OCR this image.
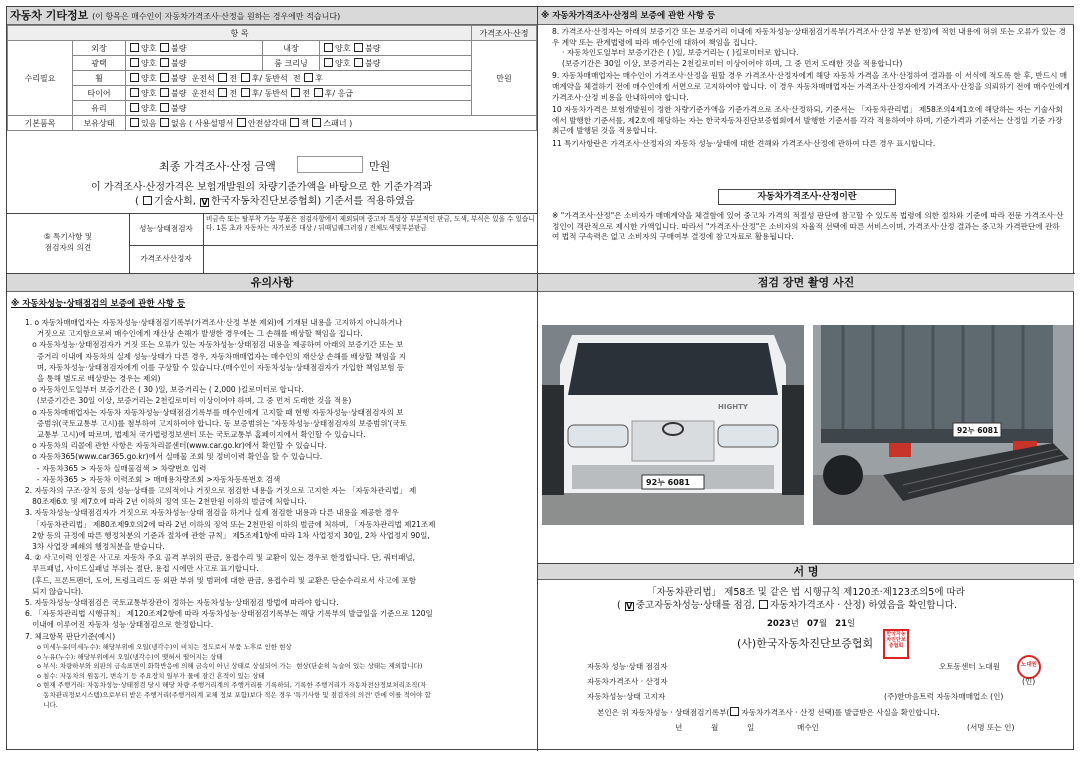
자동차 기타정보 (이 항목은 매수인이 자동차가격조사·산정을 원하는 경우에만 적습니다)
항 목					가격조사·산정
수리필요	외장	양호 불량	내장	양호 불량	만원
	광택	양호 불량	룸 크리닝	양호 불량	
	휠	양호 불량 운전석 전 후/ 동반석 전 후			
	타이어	양호 불량 운전석 전 후/ 동반석 전 후/ 응급			
	유리	양호 불량			
기본품목	보유상태	있음 없음 ( 사용설명서 안전삼각대 잭 스패너 )			
최종 가격조사·산정 금액	만원
이 가격조사·산정가격은 보험개발원의 차량기준가액을 바탕으로 한 기준가격과
( 기술사회, V 한국자동차진단보증협회) 기준서를 적용하였음
⑤ 특기사항 및
점검자의 의견
성능·상태점검자
비금속 또는 탈부착 가능 부품은 점검사항에서 제외되며 중고차 특성상 부분적인 판금, 도색, 부식은 있을 수 있습니다. 1톤 초과 자동차는 자가보증 대상 / 뒤때널퀘그러짐 / 전체도색및부분판금
가격조사산정자
※ 자동차가격조사·산정의 보증에 관한 사항 등

8. 가격조사·산정자는 아래의 보증기간 또는 보증거리 이내에 자동차성능·상태점검기록부(가격조사·산정 부분 한정)에 적힌 내용에 허위 또는 오류가 있는 경우 계약 또는 관계법령에 따라 매수인에 대하여 책임을 집니다.

· 자동차인도일부터 보증기간은 ( )일, 보증거리는 ( )킬로미터로 합니다.

(보증기간은 30일 이상, 보증거리는 2천킬로미터 이상이어야 하며, 그 중 먼저 도래한 것을 적용합니다)

9. 자동차매매업자는 매수인이 가격조사·산정을 원할 경우 가격조사·산정자에게 해당 자동차 가격을 조사·산정하여 결과를 이 서식에 적도록 한 후, 반드시 매매계약을 체결하기 전에 매수인에게 서면으로 고지하여야 합니다. 이 경우 자동차매매업자는 가격조사·산정자에게 가격조사·산정을 의뢰하기 전에 매수인에게 가격조사·산정 비용을 안내하여야 합니다.

10 자동차가격은 보험개발원이 정한 차량기준가액을 기준가격으로 조사·산정하되, 기준서는 「자동차관리법」 제58조의4제1호에 해당하는 자는 기술사회에서 발행한 기준서를, 제2호에 해당하는 자는 한국자동차진단보증협회에서 발행한 기준서를 각각 적용하여야 하며, 기준가격과 기준서는 산정일 기준 가장 최근에 발행된 것을 적용합니다.

11 특기사항란은 가격조사·산정자의 자동차 성능·상태에 대한 견해와 가격조사·산정에 관하여 다른 경우 표시합니다.

자동차가격조사·산정이란
※ "가격조사·산정"은 소비자가 매매계약을 체결함에 있어 중고차 가격의 적절성 판단에 참고할 수 있도록 법령에 의한 절차와 기준에 따라 전문 가격조사·산정인이 객관적으로 제시한 가액입니다. 따라서 "가격조사·산정"은 소비자의 자율적 선택에 따른 서비스이며, 가격조사·산정 결과는 중고차 가격판단에 관하여 법적 구속력은 없고 소비자의 구매여부 결정에 참고자료로 활용됩니다.
유의사항
※ 자동차성능·상태점검의 보증에 관한 사항 등
1. o 자동차매매업자는 자동차성능·상태점검기록부(가격조사·산정 부분 제외)에 기재된 내용을 고지하지 아니하거나
거짓으로 고지함으로써 매수인에게 재산상 손해가 발생한 경우에는 그 손해를 배상할 책임을 집니다.
o 자동차성능·상태점검자가 거짓 또는 오류가 있는 자동차성능·상태점검 내용을 제공하여 아래의 보증기간 또는 보
증거리 이내에 자동차의 실제 성능·상태가 다른 경우, 자동차매매업자는 매수인의 재산상 손해를 배상할 책임을 지
며, 자동차성능·상태점검자에게 이를 구상할 수 있습니다.(매수인이 자동차성능·상태점검자가 가입한 책임보험 등
을 통해 별도로 배상받는 경우는 제외)
o 자동차인도일부터 보증기간은 ( 30 )일, 보증거리는 ( 2,000 )킬로미터로 합니다.
(보증기간은 30일 이상, 보증거리는 2천킬로미터 이상이어야 하며, 그 중 먼저 도래한 것을 적용)
o 자동차매매업자는 자동차 자동차성능·상태점검기록부를 매수인에게 고지할 때 현행 자동차성능·상태점검자의 보
증범위(국토교통부 고시)를 첨부하여 고지하여야 합니다. 동 보증범위는 '자동차성능·상태점검자의 보증범위'(국토
교통부 고시)에 따르며, 법제처 국가법령정보센터 또는 국토교통부 홈페이지에서 확인할 수 있습니다.
o 자동차의 리콜에 관한 사항은 자동차리콜센터(www.car.go.kr)에서 확인할 수 있습니다.
o 자동차365(www.car365.go.kr)에서 실매물 조회 및 정비이력 확인을 할 수 있습니다.
- 자동차365 > 자동차 실매물검색 > 차량번호 입력
- 자동차365 > 자동차 이력조회 > 매매용차량조회 >자동차등록번호 검색
2. 자동차의 구조·장치 등의 성능·상태를 고의적이나 거짓으로 점검한 내용을 거짓으로 고지한 자는 「자동차관리법」 제
80조제6호 및 제7호에 따라 2년 이하의 징역 또는 2천만원 이하의 벌금에 처합니다.
3. 자동차성능·상태점검자가 거짓으로 자동차성능·상태 점검을 하거나 실제 점검한 내용과 다른 내용을 제공한 경우
「자동차관리법」 제80조제9호의2에 따라 2년 이하의 징역 또는 2천만원 이하의 벌금에 처하며, 「자동차관리법 제21조제
2항 등의 규정에 따른 행정처분의 기준과 절차에 관한 규칙」 제5조제1항에 따라 1차 사업정지 30일, 2차 사업정지 90일,
3차 사업장 폐쇄의 행정처분을 받습니다.
4. ② 사고이력 인정은 사고로 자동차 주요 골격 부위의 판금, 용접수리 및 교환이 있는 경우로 한정합니다. 단, 쿼터패널,
루프패널, 사이드실패널 부위는 절단, 용접 시에만 사고로 표기합니다.
(후드, 프론트펜더, 도어, 트렁크리드 등 외판 부위 및 범퍼에 대한 판금, 용접수리 및 교환은 단순수리로서 사고에 포함
되지 않습니다).
5. 자동차성능·상태점검은 국토교통부장관이 정하는 자동차성능·상태점검 방법에 따라야 합니다.
6. 「자동차관리법 시행규칙」 제120조제2항에 따라 자동차성능·상태점검기록부는 해당 기록부의 발급일을 기준으로 120일
이내에 이루어진 자동차 성능·상태점검으로 한정합니다.
7. 체크항목 판단기준(예시)
o 미세누유(미세누수): 해당부위에 오일(냉각수)이 비치는 정도로서 부품 노후로 인한 현상
o 누유(누수): 해당부위에서 오일(냉각수)이 맺혀서 떨어지는 상태
o 부식: 차량하부와 외판의 금속표면이 화학반응에 의해 금속이 아닌 상태로 상실되어 가는  현상(단순히 녹슬어 있는 상태는 제외합니다)
o 침수: 자동차의 원동기, 변속기 등 주요장치 일부가 물에 잠긴 흔적이 있는 상태
o 현재 주행거리: 자동차성능·상태점검 당시 해당 차량 주행거리계의 주행거리를 기록하되, 기록한 주행거리가 자동차전산정보처리조직(자
동차관리정보시스템)으로부터 받은 주행거리(주행거리계 교체 정보 포함)보다 적은 경우 '특기사항 및 점검자의 의견' 란에 이를 적어야 합
니다.
점검 장면 촬영 사진
HIGHTY
92누 6081
92누 6081
서 명
「자동차관리법」 제58조 및 같은 법 시행규칙 제120조·제123조의5에 따라
( V 중고자동차성능·상태를 점검, 자동차가격조사 · 산정) 하였음을 확인합니다.
2023년 07월 21일
(사)한국자동차진단보증협회
한국자동차진단보증협회
자동차 성능·상태 점검자	오토동센터 노대원	노대원
자동차가격조사 · 산정자	(인)
자동차성능·상태 고지자	(주)한마음트럭 자동차매매업소 (인)
본인은 위 자동차성능 · 상태점검기록부( 자동차가격조사 · 산정 선택)를 발급받은 사실을 확인합니다.
년	월	일	매수인	(서명 또는 인)
